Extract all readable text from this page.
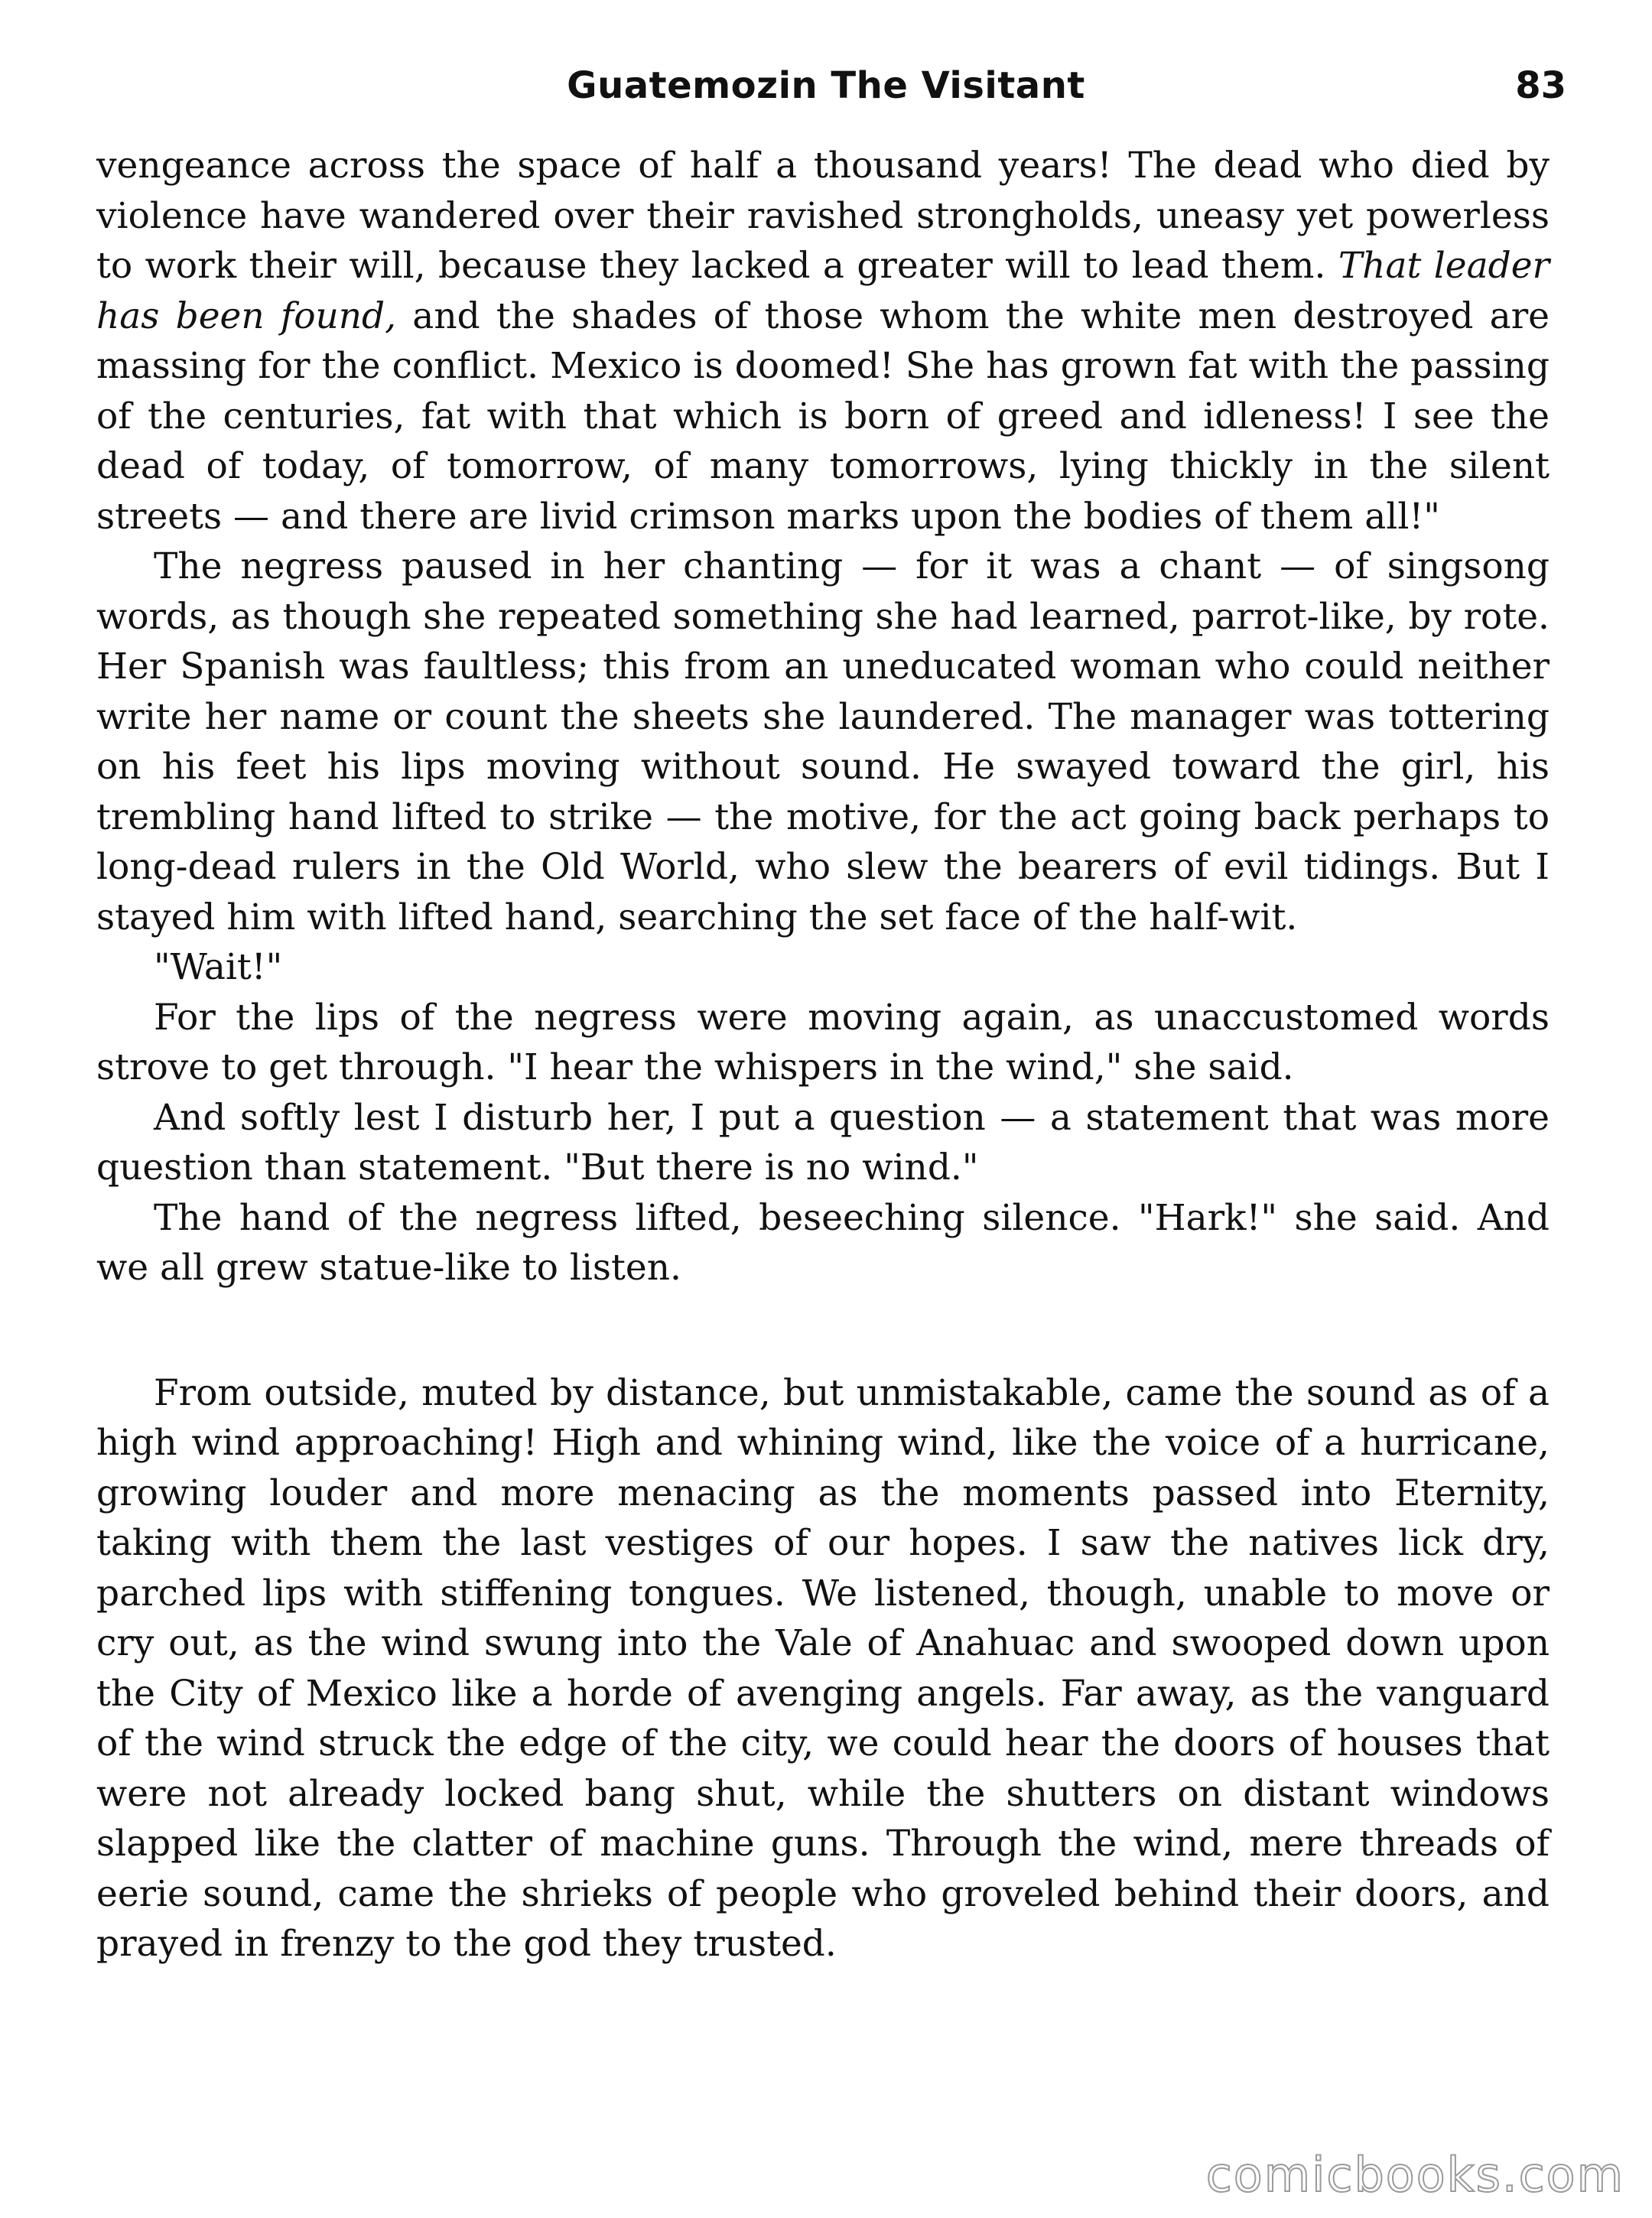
Guatemozin The Visitant	83

vengeance across the space of half a thousand years! The dead who died by violence have wandered over their ravished strongholds, uneasy yet powerless to work their will, because they lacked a greater will to lead them. That leader has been found, and the shades of those whom the white men destroyed are massing for the conflict. Mexico is doomed! She has grown fat with the passing of the centuries, fat with that which is born of greed and idleness! I see the dead of today, of tomorrow, of many tomorrows, lying thickly in the silent streets — and there are livid crimson marks upon the bodies of them all!"

The negress paused in her chanting — for it was a chant — of singsong words, as though she repeated something she had learned, parrot-like, by rote. Her Spanish was faultless; this from an uneducated woman who could neither write her name or count the sheets she laundered. The manager was tottering on his feet his lips moving without sound. He swayed toward the girl, his trembling hand lifted to strike — the motive, for the act going back perhaps to long-dead rulers in the Old World, who slew the bearers of evil tidings. But I stayed him with lifted hand, searching the set face of the half-wit.

"Wait!"

For the lips of the negress were moving again, as unaccustomed words strove to get through. "I hear the whispers in the wind," she said.

And softly lest I disturb her, I put a question — a statement that was more question than statement. "But there is no wind."

The hand of the negress lifted, beseeching silence. "Hark!" she said. And we all grew statue-like to listen.

From outside, muted by distance, but unmistakable, came the sound as of a high wind approaching! High and whining wind, like the voice of a hurricane, growing louder and more menacing as the moments passed into Eternity, taking with them the last vestiges of our hopes. I saw the natives lick dry, parched lips with stiffening tongues. We listened, though, unable to move or cry out, as the wind swung into the Vale of Anahuac and swooped down upon the City of Mexico like a horde of avenging angels. Far away, as the vanguard of the wind struck the edge of the city, we could hear the doors of houses that were not already locked bang shut, while the shutters on distant windows slapped like the clatter of machine guns. Through the wind, mere threads of eerie sound, came the shrieks of people who groveled behind their doors, and prayed in frenzy to the god they trusted.

comicbooks.com
